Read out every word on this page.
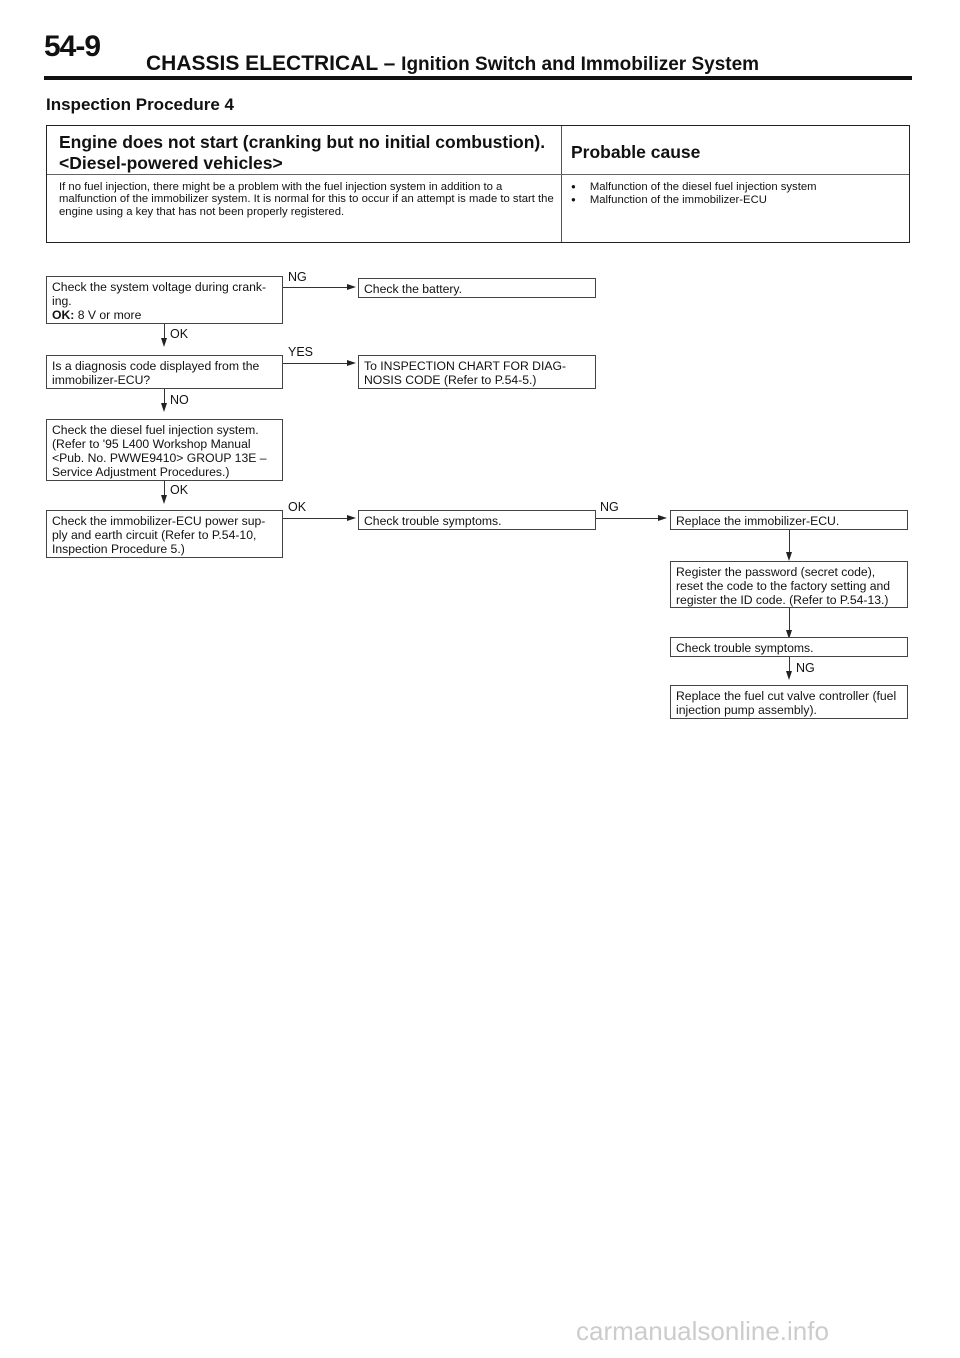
54-9
CHASSIS ELECTRICAL – Ignition Switch and Immobilizer System
Inspection Procedure 4
Engine does not start (cranking but no initial combustion).
<Diesel-powered vehicles>
Probable cause
If no fuel injection, there might be a problem with the fuel injection system in addition to a malfunction of the immobilizer system. It is normal for this to occur if an attempt is made to start the engine using a key that has not been properly registered.
● Malfunction of the diesel fuel injection system
● Malfunction of the immobilizer-ECU
Check the system voltage during crank-ing.
OK: 8 V or more
NG
Check the battery.
OK
Is a diagnosis code displayed from the immobilizer-ECU?
YES
To INSPECTION CHART FOR DIAG-NOSIS CODE (Refer to P.54-5.)
NO
Check the diesel fuel injection system. (Refer to '95 L400 Workshop Manual <Pub. No. PWWE9410> GROUP 13E – Service Adjustment Procedures.)
OK
Check the immobilizer-ECU power sup-ply and earth circuit (Refer to P.54-10, Inspection Procedure 5.)
OK
Check trouble symptoms.
NG
Replace the immobilizer-ECU.
Register the password (secret code), reset the code to the factory setting and register the ID code. (Refer to P.54-13.)
Check trouble symptoms.
NG
Replace the fuel cut valve controller (fuel injection pump assembly).
carmanualsonline.info
